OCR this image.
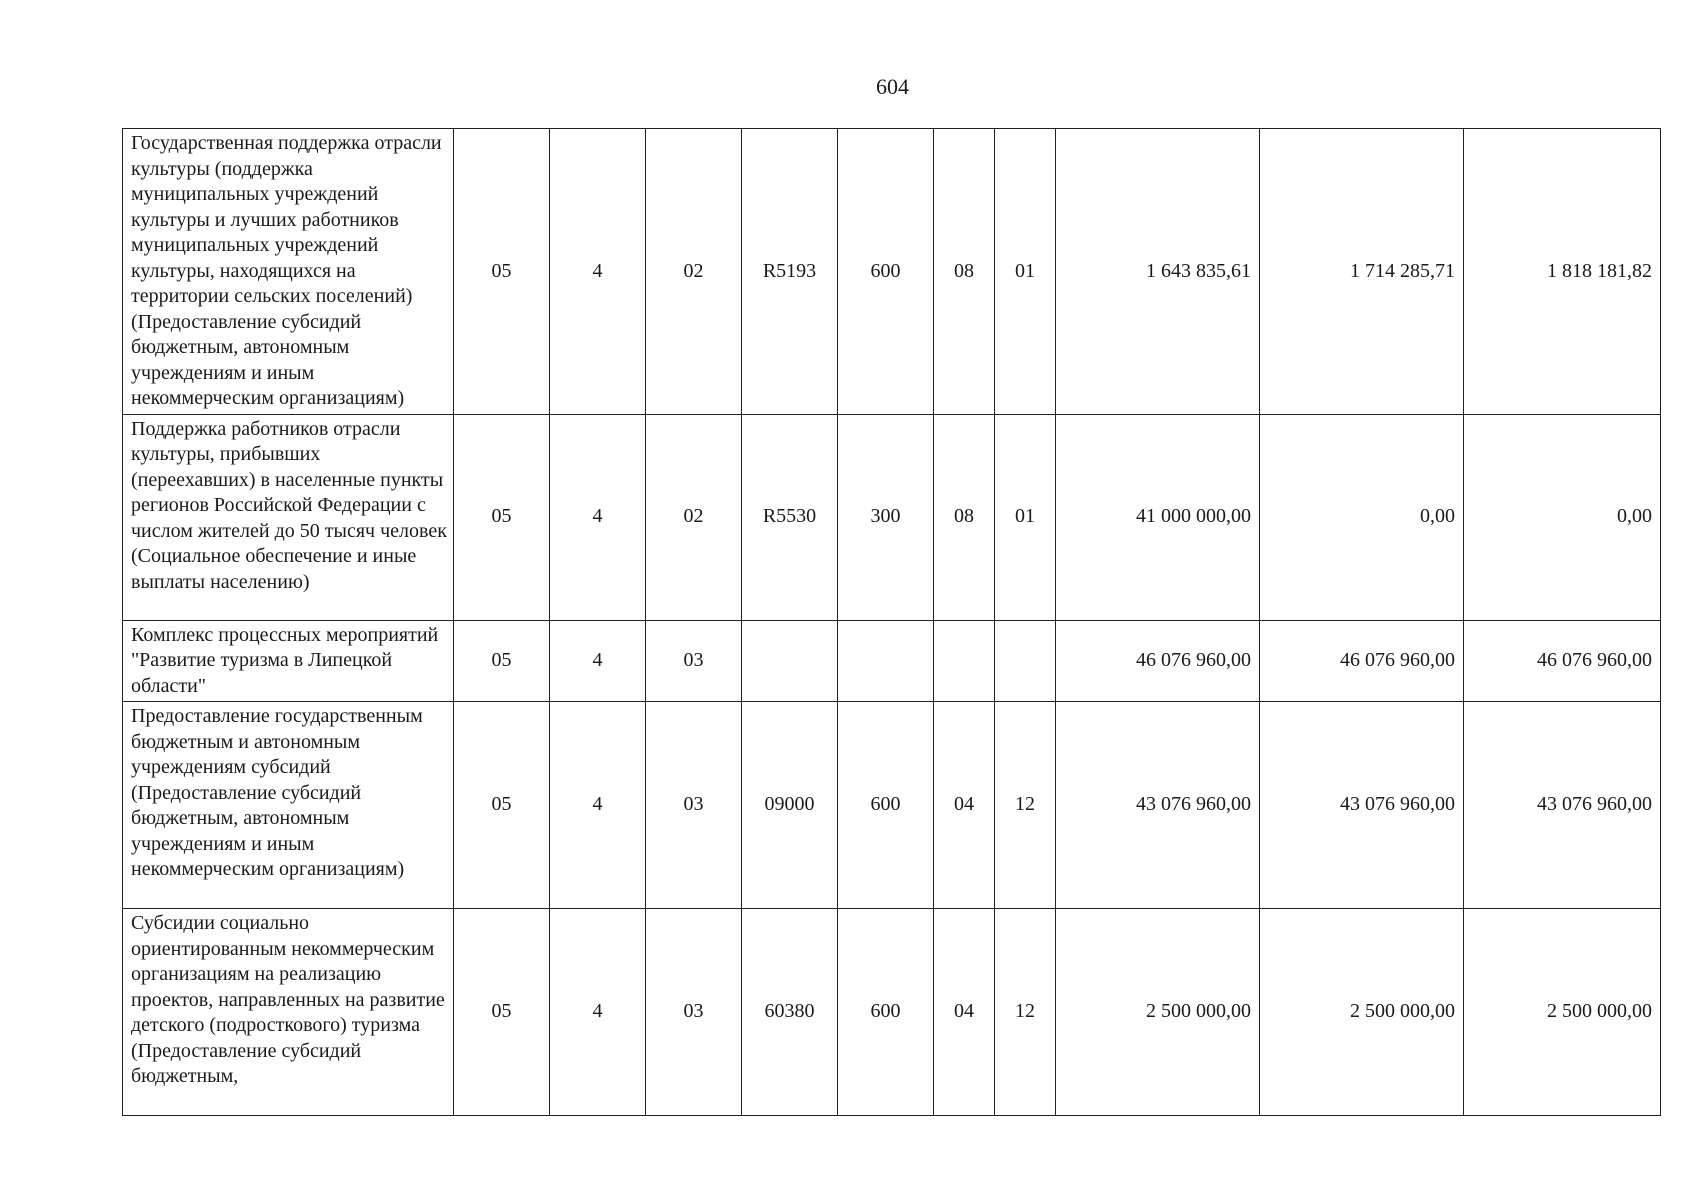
604
Государственная поддержка отрасли культуры (поддержка муниципальных учреждений культуры и лучших работников муниципальных учреждений культуры, находящихся на территории сельских поселений) (Предоставление субсидий бюджетным, автономным учреждениям и иным некоммерческим организациям)	05	4	02	R5193	600	08	01	1 643 835,61	1 714 285,71	1 818 181,82
Поддержка работников отрасли культуры, прибывших (переехавших) в населенные пункты регионов Российской Федерации с числом жителей до 50 тысяч человек (Социальное обеспечение и иные выплаты населению)	05	4	02	R5530	300	08	01	41 000 000,00	0,00	0,00
Комплекс процессных мероприятий "Развитие туризма в Липецкой области"	05	4	03					46 076 960,00	46 076 960,00	46 076 960,00
Предоставление государственным бюджетным и автономным учреждениям субсидий (Предоставление субсидий бюджетным, автономным учреждениям и иным некоммерческим организациям)	05	4	03	09000	600	04	12	43 076 960,00	43 076 960,00	43 076 960,00
Субсидии социально ориентированным некоммерческим организациям на реализацию проектов, направленных на развитие детского (подросткового) туризма (Предоставление субсидий бюджетным,	05	4	03	60380	600	04	12	2 500 000,00	2 500 000,00	2 500 000,00
